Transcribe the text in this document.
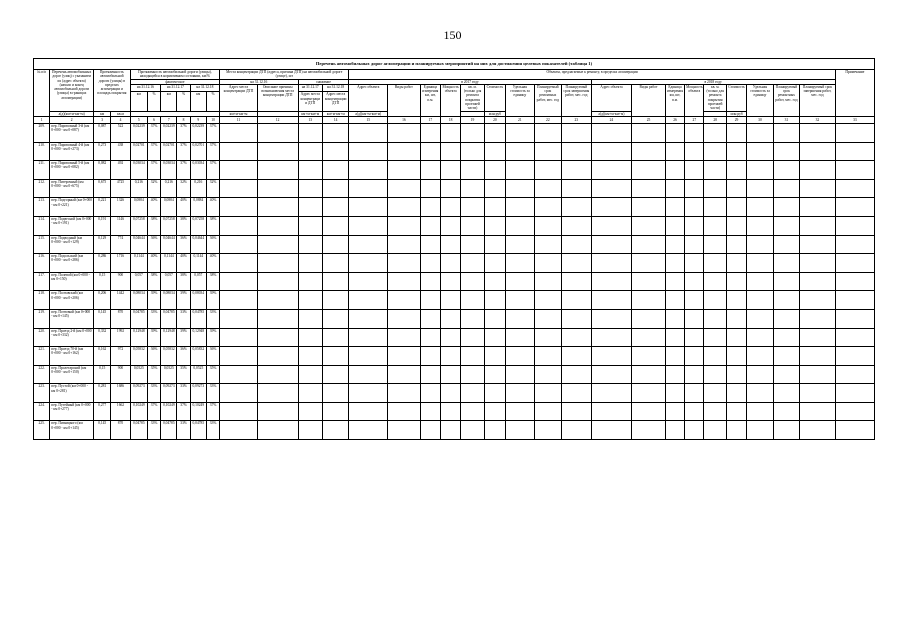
150
Перечень автомобильных дорог агломерации и планируемых мероприятий на них для достижения целевых показателей (таблица 1)																																
№ п/п	Перечень автомобильных дорог (улиц) с указанием их (адрес объекта) (начало и конец автомобильной дороги (улицы) в границах агломерации)	Протяженность автомобильной дороги (улицы) в пределах агломерации и площадь покрытия		Протяженность автомобильной дороги (улицы), находящейся в нормативном состоянии, км/%						Места концентрации ДТП (адреса, причина ДТП) на автомобильной дороге (улице), шт				Объекты, предлагаемые к ремонту, в пределах агломерации																		Примечание
				фактическое						на 31.12.16		снижение		в 2017 году									в 2018 году									
				на 31.12.16		на 31.12.17		на 31.12.18		Адрес места концентрации ДТП	Описание причины возникновения места концентрации ДТП	на 31.12.17	на 31.12.18	Адрес объекта	Виды работ	Единица измерения км, шт, п.м.	Мощность объекта	кв. м. (только для ремонта покрытия проезжей части)	Стоимость	Удельная стоимость за единицу	Планируемый срок ремонтных работ, мес. год	Планируемый срок завершения работ, мес. год	Адрес объекта	Виды работ	Единица измерения км, шт, п.м.	Мощность объекта	кв. м. (только для ремонта покрытия проезжей части)	Стоимость	Удельная стоимость за единицу	Планируемый срок ремонтных работ, мес. год	Планируемый срок завершения работ, мес. год	
				км	%	км	%	км	%			Адрес места концентрации ДТП	Адрес места концентрации ДТП																			
	а(д)(км+м-км+м)	км	кв.м							км+м-км+м		км+м-км+м	км+м-км+м	а(д)(км+м-км+м)					млн руб				а(д)(км+м-км+м)					млн руб				
1	2	3	4	5	6	7	8	9	10	11	12	13	14	15	16	17	18	19	20	21	22	23	24	25	26	27	28	29	30	31	32	33
209.	пер. Паровозный 3-й (км 0+000 - км 0+087)	0,087	522	0,02239	37%	0,02239	37%	0,02239	37%																							
210.	пер. Паровозный 4-й (км 0+000 - км 0+273)	0,273	438	0,02701	37%	0,02701	37%	0,02701	37%																							
211.	пер. Паровозный 5-й (км 0+000 - км 0+082)	0,082	492	0,03034	37%	0,03034	37%	0,03034	37%																							
212.	пер. Пятерочный (км 0+000 - км 0+675)	0,675	4725	0,216	32%	0,216	32%	0,216	32%																							
213.	пер. Подгорный (км 0+000 - км 0+221)	0,221	1326	0,0884	40%	0,0884	40%	0,0884	40%																							
214.	пер. Подвесной (км 0+000 - км 0+191)	0,191	1146	0,07258	38%	0,07258	38%	0,07258	38%																							
215.	пер. Подводный (км 0+000 - км 0+129)	0,129	774	0,04644	36%	0,04644	36%	0,04644	36%																							
216.	пер. Подольский (км 0+000 - км 0+286)	0,286	1716	0,1144	40%	0,1144	40%	0,1144	40%																							
217.	пер. Полевой (км 0+000 - км 0+150)	0,15	900	0,057	38%	0,057	38%	0,057	38%																							
218.	пер. Полтавский (км 0+000 - км 0+206)	0,206	1442	0,08034	39%	0,08034	39%	0,08034	39%																							
219.	пер. Почтовый (км 0+000 - км 0+145)	0,145	870	0,04785	33%	0,04785	33%	0,04785	33%																							
220.	пер. Проезд 2-й (км 0+000 - км 0+332)	0,332	1992	0,12948	39%	0,12948	39%	0,12948	39%																							
221.	пер. Проезд 70-й (км 0+000 - км 0+162)	0,162	972	0,05832	36%	0,05832	36%	0,05832	36%																							
222.	пер. Пролетарский (км 0+000 - км 0+150)	0,15	900	0,0525	35%	0,0525	35%	0,0525	35%																							
223.	пер. Пустой (км 0+000 - км 0+281)	0,281	1686	0,09273	33%	0,09273	33%	0,09273	33%																							
224.	пер. Путейный (км 0+000 - км 0+277)	0,277	1662	0,10249	37%	0,10249	37%	0,10249	37%																							
225.	пер. Пятницкого (км 0+000 - км 0+145)	0,145	870	0,04785	33%	0,04785	33%	0,04785	33%																							
